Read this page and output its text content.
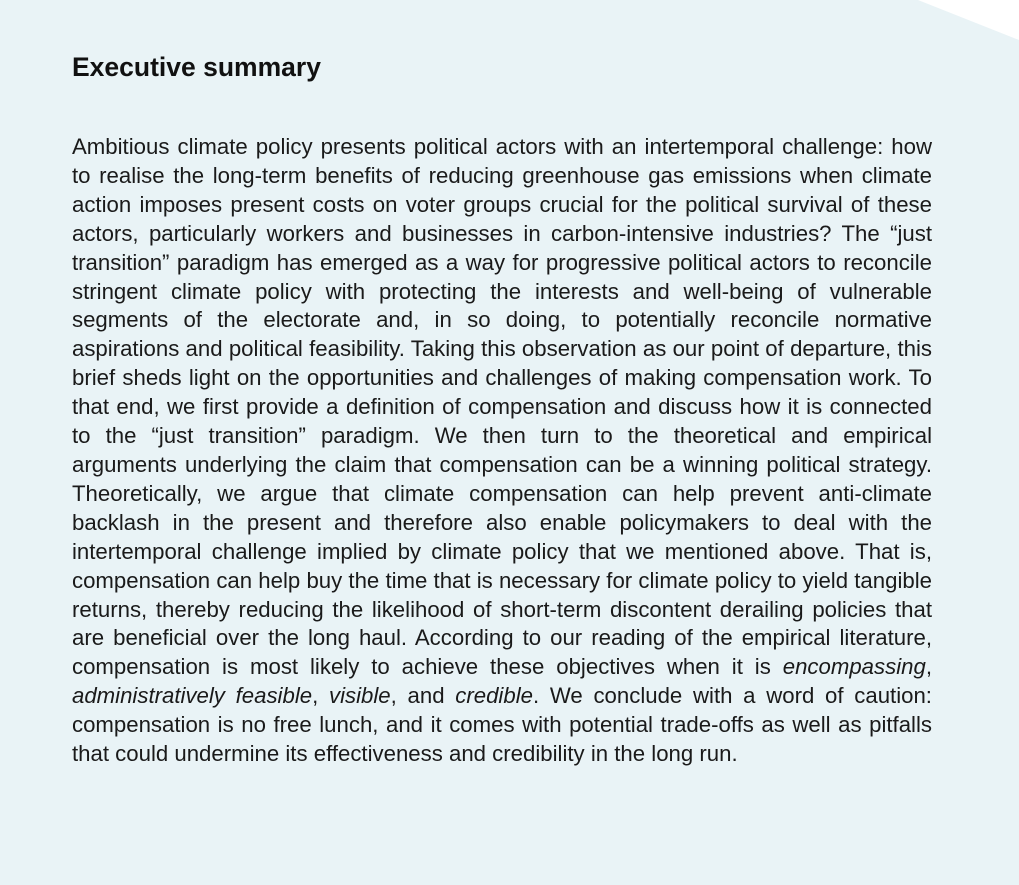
Executive summary

Ambitious climate policy presents political actors with an intertemporal challenge: how to realise the long-term benefits of reducing greenhouse gas emissions when climate action imposes present costs on voter groups crucial for the political survival of these actors, particularly workers and businesses in carbon-intensive industries? The “just transition” paradigm has emerged as a way for progressive political actors to reconcile stringent climate policy with protecting the interests and well-being of vulnerable segments of the electorate and, in so doing, to potentially reconcile normative aspirations and political feasibility. Taking this observation as our point of departure, this brief sheds light on the opportunities and challenges of making compensation work. To that end, we first provide a definition of compensation and discuss how it is connected to the “just transition” paradigm. We then turn to the theoretical and empirical arguments underlying the claim that compensation can be a winning political strategy. Theoretically, we argue that climate compensation can help prevent anti-climate backlash in the present and therefore also enable policymakers to deal with the intertemporal challenge implied by climate policy that we mentioned above. That is, compensation can help buy the time that is necessary for climate policy to yield tangible returns, thereby reducing the likelihood of short-term discontent derailing policies that are beneficial over the long haul. According to our reading of the empirical literature, compensation is most likely to achieve these objectives when it is encompassing, administratively feasible, visible, and credible. We conclude with a word of caution: compensation is no free lunch, and it comes with potential trade-offs as well as pitfalls that could undermine its effectiveness and credibility in the long run.
